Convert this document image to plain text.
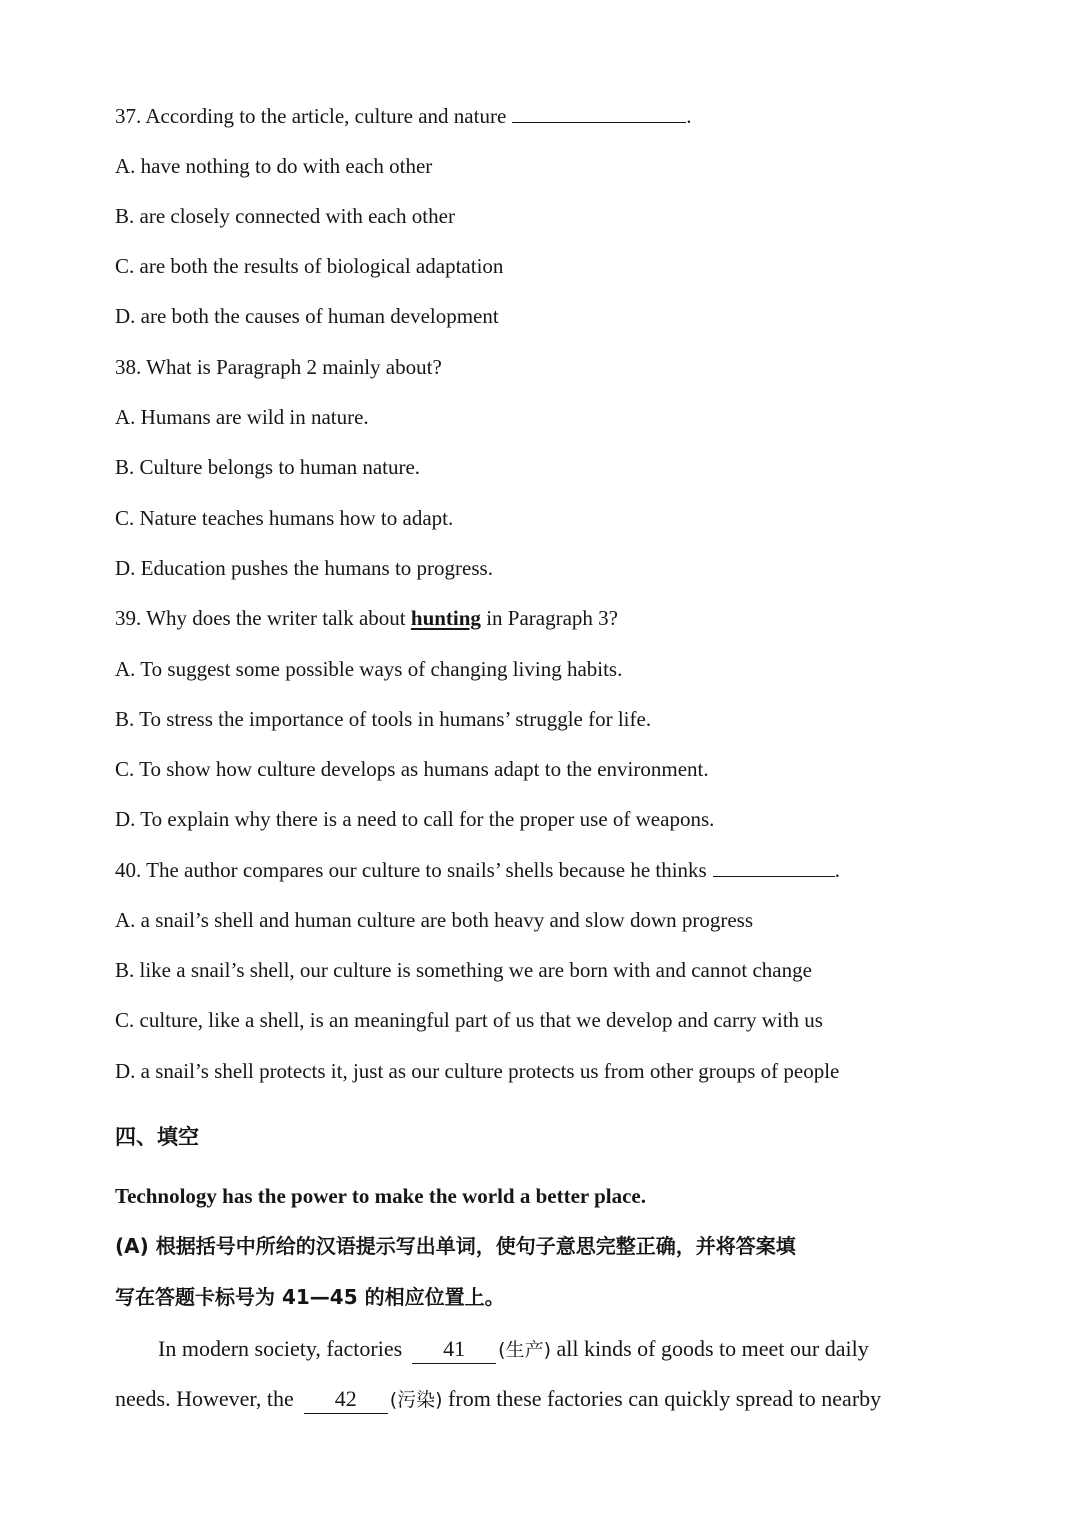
37. According to the article, culture and nature	.
A. have nothing to do with each other
B. are closely connected with each other
C. are both the results of biological adaptation
D. are both the causes of human development
38. What is Paragraph 2 mainly about?
A. Humans are wild in nature.
B. Culture belongs to human nature.
C. Nature teaches humans how to adapt.
D. Education pushes the humans to progress.
39. Why does the writer talk about hunting in Paragraph 3?
A. To suggest some possible ways of changing living habits.
B. To stress the importance of tools in humans’ struggle for life.
C. To show how culture develops as humans adapt to the environment.
D. To explain why there is a need to call for the proper use of weapons.
40. The author compares our culture to snails’ shells because he thinks	.
A. a snail’s shell and human culture are both heavy and slow down progress
B. like a snail’s shell, our culture is something we are born with and cannot change
C. culture, like a shell, is an meaningful part of us that we develop and carry with us
D. a snail’s shell protects it, just as our culture protects us from other groups of people
四、填空
Technology has the power to make the world a better place.
(A) 根据括号中所给的汉语提示写出单词，使句子意思完整正确，并将答案填
写在答题卡标号为 41—45 的相应位置上。
In modern society, factories 41 (生产) all kinds of goods to meet our daily
needs. However, the 42 (污染) from these factories can quickly spread to nearby
